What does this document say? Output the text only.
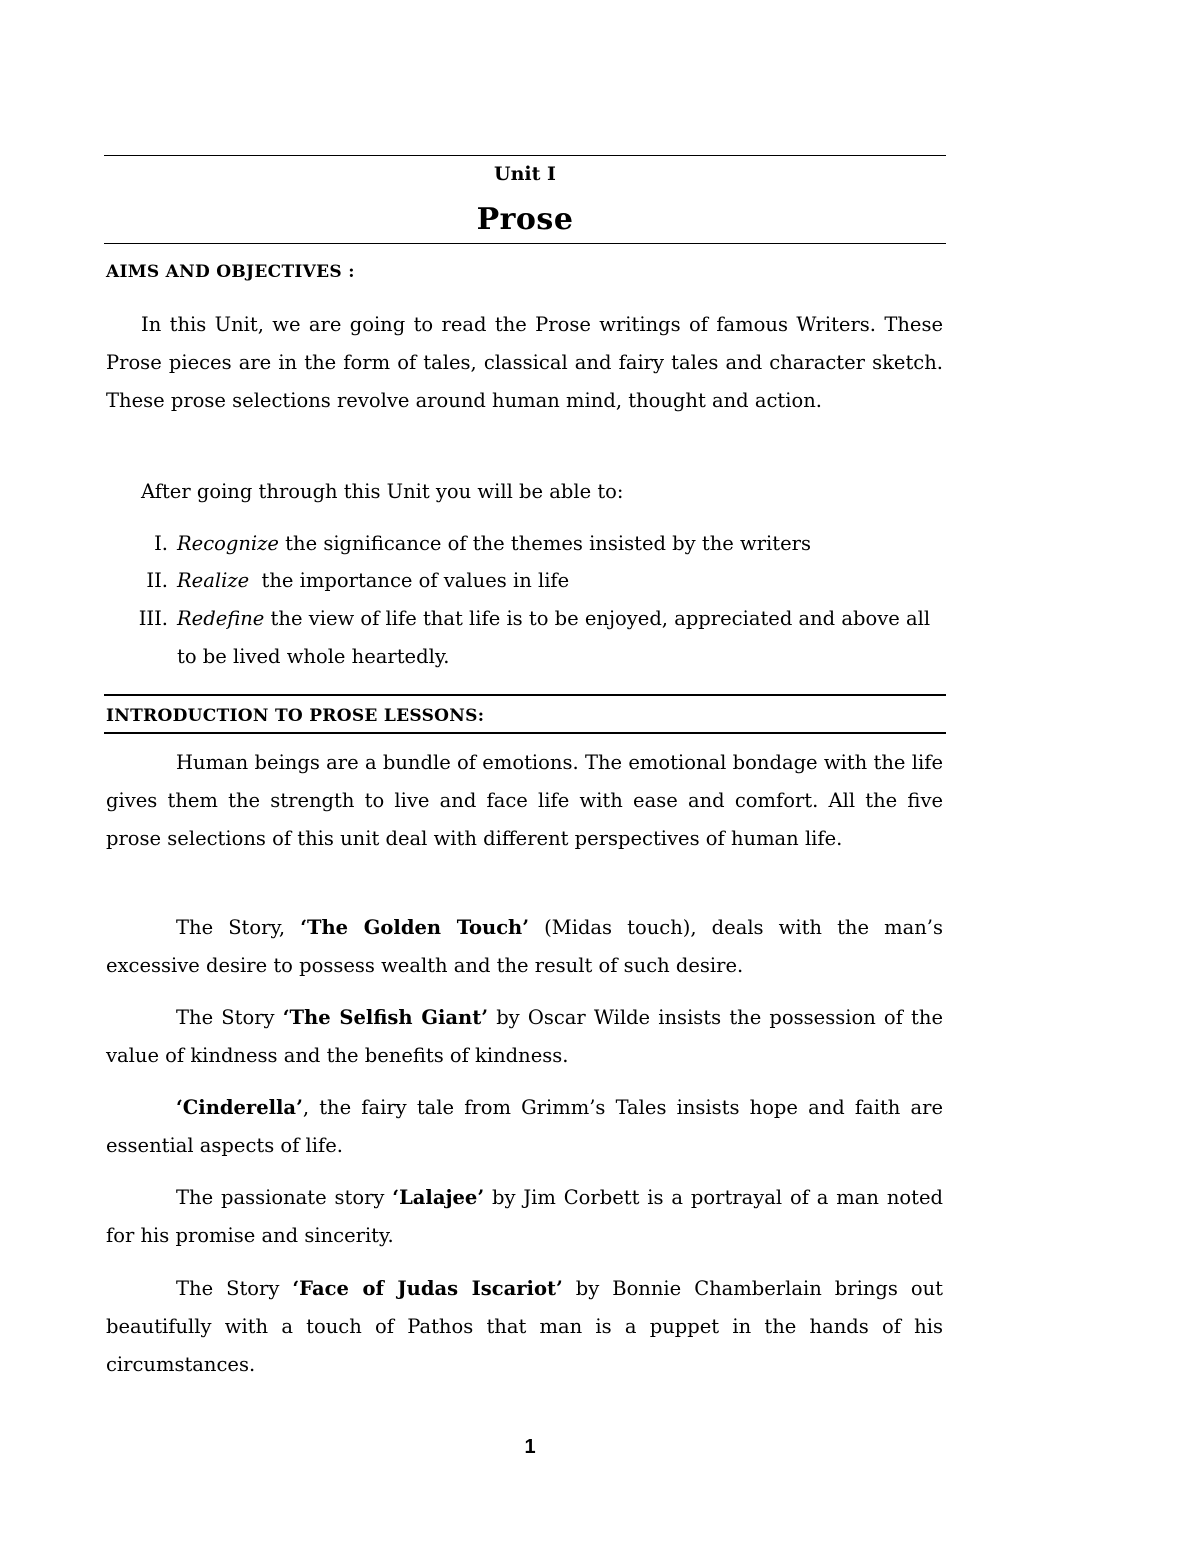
Unit I
Prose
AIMS AND OBJECTIVES :

In this Unit, we are going to read the Prose writings of famous Writers. These Prose pieces are in the form of tales, classical and fairy tales and character sketch. These prose selections revolve around human mind, thought and action.

After going through this Unit you will be able to:

I. Recognize the significance of the themes insisted by the writers
II. Realize  the importance of values in life
III. Redefine the view of life that life is to be enjoyed, appreciated and above all to be lived whole heartedly.
INTRODUCTION TO PROSE LESSONS:

Human beings are a bundle of emotions. The emotional bondage with the life gives them the strength to live and face life with ease and comfort. All the five prose selections of this unit deal with different perspectives of human life.

The Story, ‘The Golden Touch’ (Midas touch), deals with the man’s excessive desire to possess wealth and the result of such desire.

The Story ‘The Selfish Giant’ by Oscar Wilde insists the possession of the value of kindness and the benefits of kindness.

‘Cinderella’, the fairy tale from Grimm’s Tales insists hope and faith are essential aspects of life.

The passionate story ‘Lalajee’ by Jim Corbett is a portrayal of a man noted for his promise and sincerity.

The Story ‘Face of Judas Iscariot’ by Bonnie Chamberlain brings out beautifully with a touch of Pathos that man is a puppet in the hands of his circumstances.

1
